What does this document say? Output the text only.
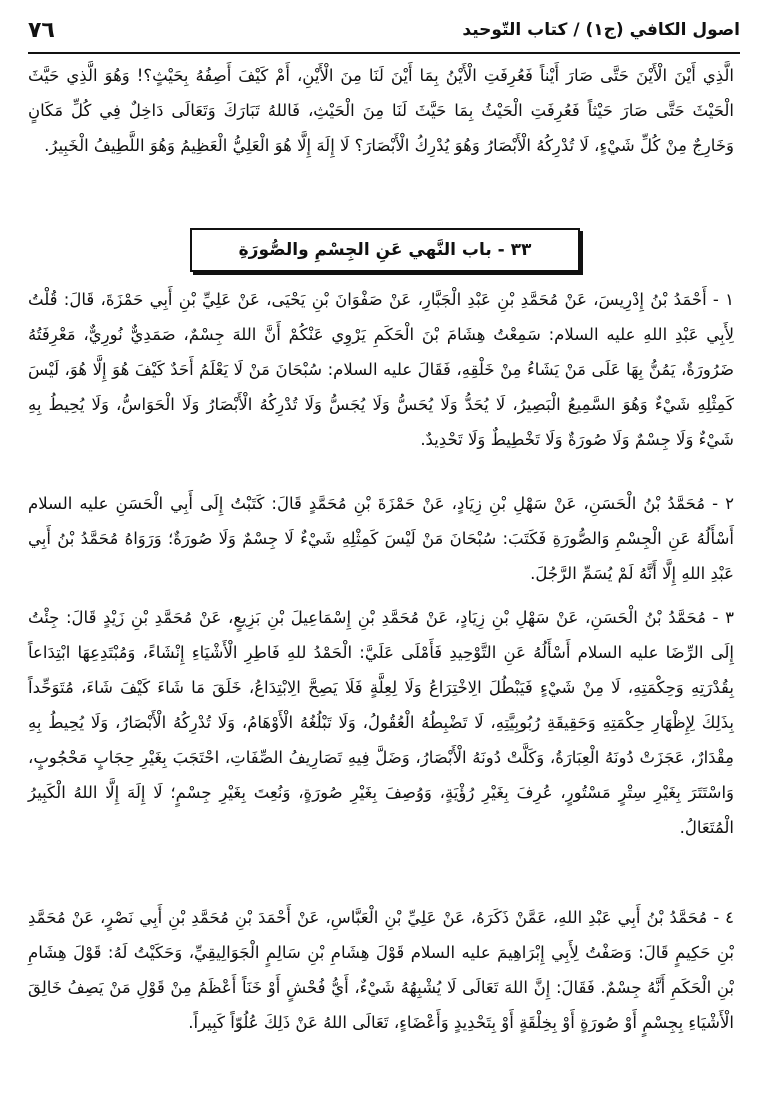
اصول الكافي (ج١) / كتاب التّوحيد
٧٦

الَّذِي أَيْنَ الْأَيْنَ حَتَّى صَارَ أَيْناً فَعُرِفَتِ الْأَيْنُ بِمَا أَيْنَ لَنَا مِنَ الْأَيْنِ، أَمْ كَيْفَ أَصِفُهُ بِحَيْثٍ؟! وَهُوَ الَّذِي حَيَّثَ الْحَيْثَ حَتَّى صَارَ حَيْثاً فَعُرِفَتِ الْحَيْثُ بِمَا حَيَّثَ لَنَا مِنَ الْحَيْثِ، فَاللهُ تَبَارَكَ وَتَعَالَى دَاخِلٌ فِي كُلِّ مَكَانٍ وَخَارِجٌ مِنْ كُلِّ شَيْءٍ، لَا تُدْرِكُهُ الْأَبْصَارُ وَهُوَ يُدْرِكُ الْأَبْصَارَ؟ لَا إِلَهَ إِلَّا هُوَ الْعَلِيُّ الْعَظِيمُ وَهُوَ اللَّطِيفُ الْخَبِيرُ.

٣٣ - باب النَّهي عَنِ الجِسْمِ والصُّورَةِ

١ - أَحْمَدُ بْنُ إِدْرِيسَ، عَنْ مُحَمَّدِ بْنِ عَبْدِ الْجَبَّارِ، عَنْ صَفْوَانَ بْنِ يَحْيَى، عَنْ عَلِيِّ بْنِ أَبِي حَمْزَةَ، قَالَ: قُلْتُ لِأَبِي عَبْدِ اللهِ عليه السلام: سَمِعْتُ هِشَامَ بْنَ الْحَكَمِ يَرْوِي عَنْكُمْ أَنَّ اللهَ جِسْمٌ، صَمَدِيٌّ نُورِيٌّ، مَعْرِفَتُهُ ضَرُورَةٌ، يَمُنُّ بِهَا عَلَى مَنْ يَشَاءُ مِنْ خَلْقِهِ، فَقَالَ عليه السلام: سُبْحَانَ مَنْ لَا يَعْلَمُ أَحَدٌ كَيْفَ هُوَ إِلَّا هُوَ، لَيْسَ كَمِثْلِهِ شَيْءٌ وَهُوَ السَّمِيعُ الْبَصِيرُ، لَا يُحَدُّ وَلَا يُحَسُّ وَلَا يُجَسُّ وَلَا تُدْرِكُهُ الْأَبْصَارُ وَلَا الْحَوَاسُّ، وَلَا يُحِيطُ بِهِ شَيْءٌ وَلَا جِسْمٌ وَلَا صُورَةٌ وَلَا تَخْطِيطٌ وَلَا تَحْدِيدٌ.

٢ - مُحَمَّدُ بْنُ الْحَسَنِ، عَنْ سَهْلِ بْنِ زِيَادٍ، عَنْ حَمْزَةَ بْنِ مُحَمَّدٍ قَالَ: كَتَبْتُ إِلَى أَبِي الْحَسَنِ عليه السلام أَسْأَلُهُ عَنِ الْجِسْمِ وَالصُّورَةِ فَكَتَبَ: سُبْحَانَ مَنْ لَيْسَ كَمِثْلِهِ شَيْءٌ لَا جِسْمٌ وَلَا صُورَةٌ؛ وَرَوَاهُ مُحَمَّدُ بْنُ أَبِي عَبْدِ اللهِ إِلَّا أَنَّهُ لَمْ يُسَمِّ الرَّجُلَ.

٣ - مُحَمَّدُ بْنُ الْحَسَنِ، عَنْ سَهْلِ بْنِ زِيَادٍ، عَنْ مُحَمَّدِ بْنِ إِسْمَاعِيلَ بْنِ بَزِيعٍ، عَنْ مُحَمَّدِ بْنِ زَيْدٍ قَالَ: جِئْتُ إِلَى الرِّضَا عليه السلام أَسْأَلُهُ عَنِ التَّوْحِيدِ فَأَمْلَى عَلَيَّ: الْحَمْدُ للهِ فَاطِرِ الْأَشْيَاءِ إِنْشَاءً، وَمُبْتَدِعِهَا ابْتِدَاعاً بِقُدْرَتِهِ وَحِكْمَتِهِ، لَا مِنْ شَيْءٍ فَيَبْطُلَ الِاخْتِرَاعُ وَلَا لِعِلَّةٍ فَلَا يَصِحَّ الِابْتِدَاعُ، خَلَقَ مَا شَاءَ كَيْفَ شَاءَ، مُتَوَحِّداً بِذَلِكَ لِإِظْهَارِ حِكْمَتِهِ وَحَقِيقَةِ رُبُوبِيَّتِهِ، لَا تَضْبِطُهُ الْعُقُولُ، وَلَا تَبْلُغُهُ الْأَوْهَامُ، وَلَا تُدْرِكُهُ الْأَبْصَارُ، وَلَا يُحِيطُ بِهِ مِقْدَارٌ، عَجَزَتْ دُونَهُ الْعِبَارَةُ، وَكَلَّتْ دُونَهُ الْأَبْصَارُ، وَضَلَّ فِيهِ تَصَارِيفُ الصِّفَاتِ، احْتَجَبَ بِغَيْرِ حِجَابٍ مَحْجُوبٍ، وَاسْتَتَرَ بِغَيْرِ سِتْرٍ مَسْتُورٍ، عُرِفَ بِغَيْرِ رُؤْيَةٍ، وَوُصِفَ بِغَيْرِ صُورَةٍ، وَنُعِتَ بِغَيْرِ جِسْمٍ؛ لَا إِلَهَ إِلَّا اللهُ الْكَبِيرُ الْمُتَعَالُ.

٤ - مُحَمَّدُ بْنُ أَبِي عَبْدِ اللهِ، عَمَّنْ ذَكَرَهُ، عَنْ عَلِيِّ بْنِ الْعَبَّاسِ، عَنْ أَحْمَدَ بْنِ مُحَمَّدِ بْنِ أَبِي نَصْرٍ، عَنْ مُحَمَّدِ بْنِ حَكِيمٍ قَالَ: وَصَفْتُ لِأَبِي إِبْرَاهِيمَ عليه السلام قَوْلَ هِشَامِ بْنِ سَالِمٍ الْجَوَالِيقِيِّ، وَحَكَيْتُ لَهُ: قَوْلَ هِشَامِ بْنِ الْحَكَمِ أَنَّهُ جِسْمٌ. فَقَالَ: إِنَّ اللهَ تَعَالَى لَا يُشْبِهُهُ شَيْءٌ، أَيُّ فُحْشٍ أَوْ خَنَاً أَعْظَمُ مِنْ قَوْلِ مَنْ يَصِفُ خَالِقَ الْأَشْيَاءِ بِجِسْمٍ أَوْ صُورَةٍ أَوْ بِخِلْقَةٍ أَوْ بِتَحْدِيدٍ وَأَعْضَاءٍ، تَعَالَى اللهُ عَنْ ذَلِكَ عُلُوّاً كَبِيراً.
